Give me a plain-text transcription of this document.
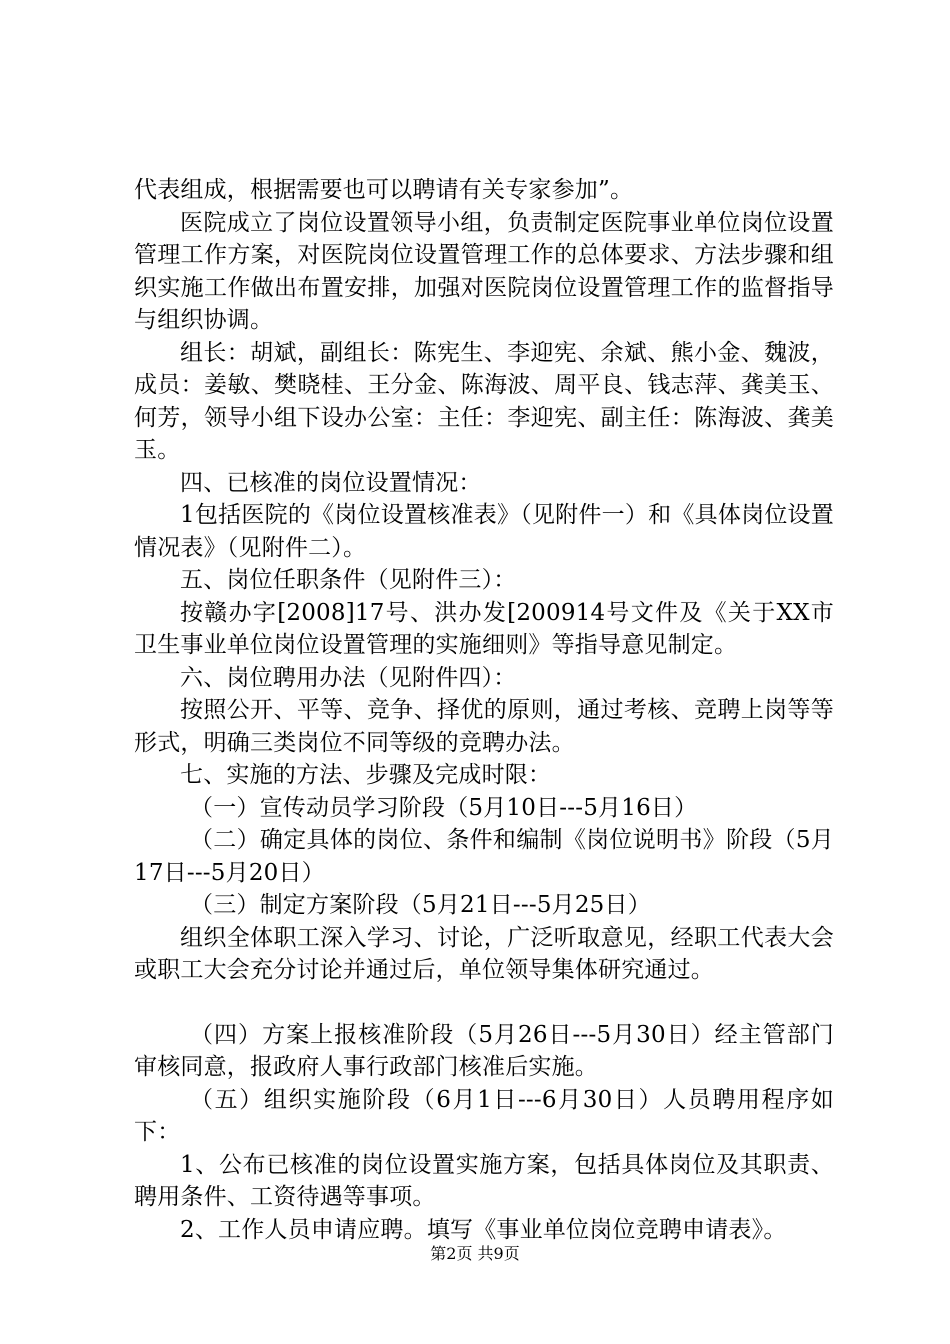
代表组成，根据需要也可以聘请有关专家参加”。

医院成立了岗位设置领导小组，负责制定医院事业单位岗位设置管理工作方案，对医院岗位设置管理工作的总体要求、方法步骤和组织实施工作做出布置安排，加强对医院岗位设置管理工作的监督指导与组织协调。

组长：胡斌，副组长：陈宪生、李迎宪、余斌、熊小金、魏波，成员：姜敏、樊晓桂、王分金、陈海波、周平良、钱志萍、龚美玉、何芳，领导小组下设办公室：主任：李迎宪、副主任：陈海波、龚美玉。

四、已核准的岗位设置情况：

1包括医院的《岗位设置核准表》（见附件一）和《具体岗位设置情况表》（见附件二）。

五、岗位任职条件（见附件三）：

按赣办字[2008]17号、洪办发[200914号文件及《关于XX市卫生事业单位岗位设置管理的实施细则》等指导意见制定。

六、岗位聘用办法（见附件四）：

按照公开、平等、竞争、择优的原则，通过考核、竞聘上岗等等形式，明确三类岗位不同等级的竞聘办法。

七、实施的方法、步骤及完成时限：

（一）宣传动员学习阶段（5月10日---5月16日）

（二）确定具体的岗位、条件和编制《岗位说明书》阶段（5月17日---5月20日）

（三）制定方案阶段（5月21日---5月25日）

组织全体职工深入学习、讨论，广泛听取意见，经职工代表大会或职工大会充分讨论并通过后，单位领导集体研究通过。

（四）方案上报核准阶段（5月26日---5月30日）经主管部门审核同意，报政府人事行政部门核准后实施。

（五）组织实施阶段（6月1日---6月30日）人员聘用程序如下：

1、公布已核准的岗位设置实施方案，包括具体岗位及其职责、聘用条件、工资待遇等事项。

2、工作人员申请应聘。填写《事业单位岗位竞聘申请表》。

第2页 共9页
